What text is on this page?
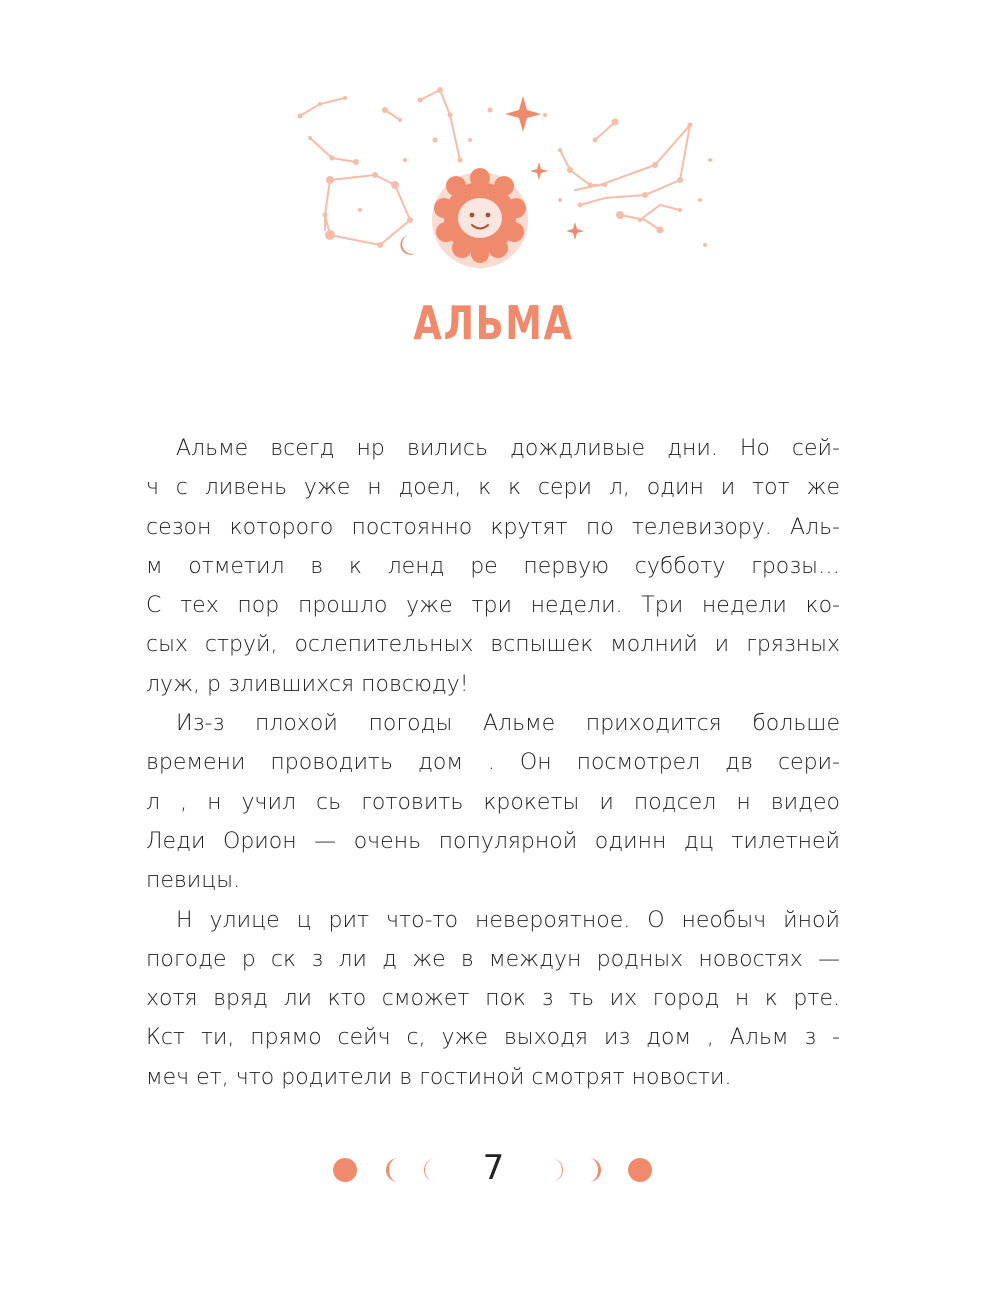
АЛЬМА
Альме всегд нр вились дождливые дни. Но сей-
ч с ливень уже н доел, к к сери л, один и тот же
сезон которого постоянно крутят по телевизору. Аль-
м отметил в к ленд ре первую субботу грозы…
С тех пор прошло уже три недели. Три недели ко-
сых струй, ослепительных вспышек молний и грязных
луж, р злившихся повсюду!
Из-з плохой погоды Альме приходится больше
времени проводить дом . Он посмотрел дв сери-
л , н учил сь готовить крокеты и подсел н видео
Леди Орион — очень популярной одинн дц тилетней
певицы.
Н улице ц рит что-то невероятное. О необыч йной
погоде р ск з ли д же в междун родных новостях —
хотя вряд ли кто сможет пок з ть их город н к рте.
Кст ти, прямо сейч с, уже выходя из дом , Альм з -
меч ет, что родители в гостиной смотрят новости.
7
